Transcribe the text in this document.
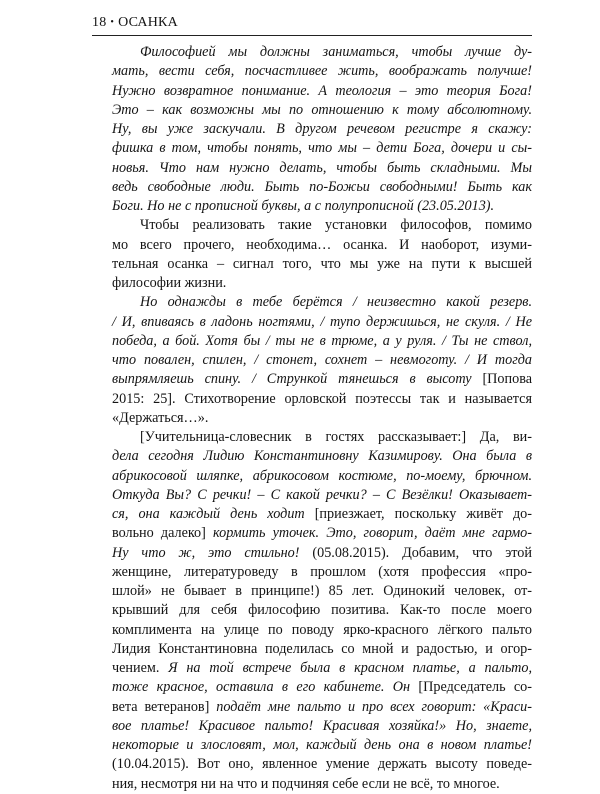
18 • ОСАНКА
Философией мы должны заниматься, чтобы лучше ду-
мать, вести себя, посчастливее жить, воображать получше!
Нужно возвратное понимание. А теология – это теория Бога!
Это – как возможны мы по отношению к тому абсолютному.
Ну, вы уже заскучали. В другом речевом регистре я скажу:
фишка в том, чтобы понять, что мы – дети Бога, дочери и сы-
новья. Что нам нужно делать, чтобы быть складными. Мы
ведь свободные люди. Быть по-Божьи свободными! Быть как
Боги. Но не с прописной буквы, а с полупрописной (23.05.2013).
Чтобы реализовать такие установки философов, помимо
мо всего прочего, необходима… осанка. И наоборот, изуми-
тельная осанка – сигнал того, что мы уже на пути к высшей
философии жизни.
Но однажды в тебе берётся / неизвестно какой резерв.
/ И, впиваясь в ладонь ногтями, / тупо держишься, не скуля. / Не
победа, а бой. Хотя бы / ты не в трюме, а у руля. / Ты не ствол,
что повален, спилен, / стонет, сохнет – невмоготу. / И тогда
выпрямляешь спину. / Стрункой тянешься в высоту [Попова
2015: 25]. Стихотворение орловской поэтессы так и называется
«Держаться…».
[Учительница-словесник в гостях рассказывает:] Да, ви-
дела сегодня Лидию Константиновну Казимирову. Она была в
абрикосовой шляпке, абрикосовом костюме, по-моему, брючном.
Откуда Вы? С речки! – С какой речки? – С Везёлки! Оказывает-
ся, она каждый день ходит [приезжает, поскольку живёт до-
вольно далеко] кормить уточек. Это, говорит, даёт мне гармо-
Ну что ж, это стильно! (05.08.2015). Добавим, что этой
женщине, литературоведу в прошлом (хотя профессия «про-
шлой» не бывает в принципе!) 85 лет. Одинокий человек, от-
крывший для себя философию позитива. Как-то после моего
комплимента на улице по поводу ярко-красного лёгкого пальто
Лидия Константиновна поделилась со мной и радостью, и огор-
чением. Я на той встрече была в красном платье, а пальто,
тоже красное, оставила в его кабинете. Он [Председатель со-
вета ветеранов] подаёт мне пальто и про всех говорит: «Краси-
вое платье! Красивое пальто! Красивая хозяйка!» Но, знаете,
некоторые и злословят, мол, каждый день она в новом платье!
(10.04.2015). Вот оно, явленное умение держать высоту поведе-
ния, несмотря ни на что и подчиняя себе если не всё, то многое.
